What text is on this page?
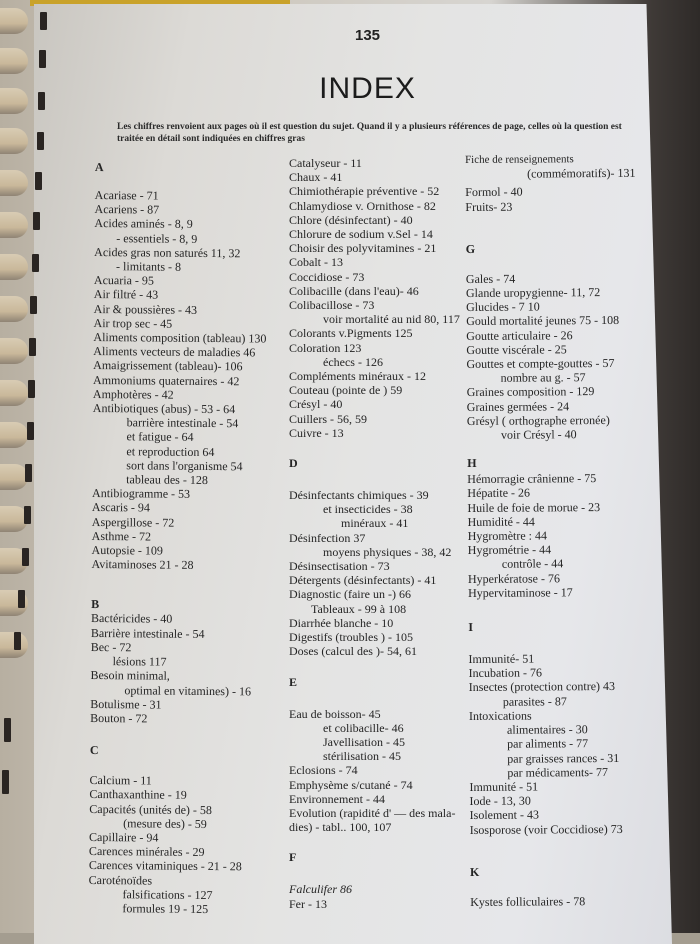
135
INDEX
Les chiffres renvoient aux pages où il est question du sujet. Quand il y a plusieurs références de page, celles où la question est traitée en détail sont indiquées en chiffres gras
A
Acariase - 71
Acariens - 87
Acides aminés - 8, 9
- essentiels - 8, 9
Acides gras non saturés 11, 32
- limitants - 8
Acuaria - 95
Air filtré - 43
Air & poussières - 43
Air trop sec - 45
Aliments composition (tableau) 130
Aliments vecteurs de maladies 46
Amaigrissement (tableau)- 106
Ammoniums quaternaires - 42
Amphotères - 42
Antibiotiques (abus) - 53 - 64
barrière intestinale - 54
et fatigue - 64
et reproduction 64
sort dans l'organisme 54
tableau des - 128
Antibiogramme - 53
Ascaris - 94
Aspergillose - 72
Asthme - 72
Autopsie - 109
Avitaminoses 21 - 28
B
Bactéricides - 40
Barrière intestinale - 54
Bec - 72
lésions 117
Besoin minimal,
optimal en vitamines) - 16
Botulisme - 31
Bouton - 72
C
Calcium - 11
Canthaxanthine - 19
Capacités (unités de) - 58
(mesure des) - 59
Capillaire - 94
Carences minérales - 29
Carences vitaminiques - 21 - 28
Caroténoïdes
falsifications - 127
formules 19 - 125
Catalyseur - 11
Chaux - 41
Chimiothérapie préventive - 52
Chlamydiose v. Ornithose - 82
Chlore (désinfectant) - 40
Chlorure de sodium v.Sel - 14
Choisir des polyvitamines - 21
Cobalt - 13
Coccidiose - 73
Colibacille (dans l'eau)- 46
Colibacillose - 73
voir mortalité au nid 80, 117
Colorants v.Pigments 125
Coloration 123
échecs - 126
Compléments minéraux - 12
Couteau (pointe de ) 59
Crésyl - 40
Cuillers - 56, 59
Cuivre - 13
D
Désinfectants chimiques - 39
et insecticides - 38
minéraux - 41
Désinfection 37
moyens physiques - 38, 42
Désinsectisation - 73
Détergents (désinfectants) - 41
Diagnostic (faire un -) 66
Tableaux - 99 à 108
Diarrhée blanche - 10
Digestifs (troubles ) - 105
Doses (calcul des )- 54, 61
E
Eau de boisson- 45
et colibacille- 46
Javellisation - 45
stérilisation - 45
Eclosions - 74
Emphysème s/cutané - 74
Environnement - 44
Evolution (rapidité d' — des mala-
dies) - tabl.. 100, 107
F
Falculifer 86
Fer - 13
Fiche de renseignements
(commémoratifs)- 131
Formol - 40
Fruits- 23
G
Gales - 74
Glande uropygienne- 11, 72
Glucides - 7 10
Gould mortalité jeunes 75 - 108
Goutte articulaire - 26
Goutte viscérale - 25
Gouttes et compte-gouttes - 57
nombre au g. - 57
Graines composition - 129
Graines germées - 24
Grésyl ( orthographe erronée)
voir Crésyl - 40
H
Hémorragie crânienne - 75
Hépatite - 26
Huile de foie de morue - 23
Humidité - 44
Hygromètre : 44
Hygrométrie - 44
contrôle - 44
Hyperkératose - 76
Hypervitaminose - 17
I
Immunité- 51
Incubation - 76
Insectes (protection contre) 43
parasites - 87
Intoxications
alimentaires - 30
par aliments - 77
par graisses rances - 31
par médicaments- 77
Immunité - 51
Iode - 13, 30
Isolement - 43
Isosporose (voir Coccidiose) 73
K
Kystes folliculaires - 78
